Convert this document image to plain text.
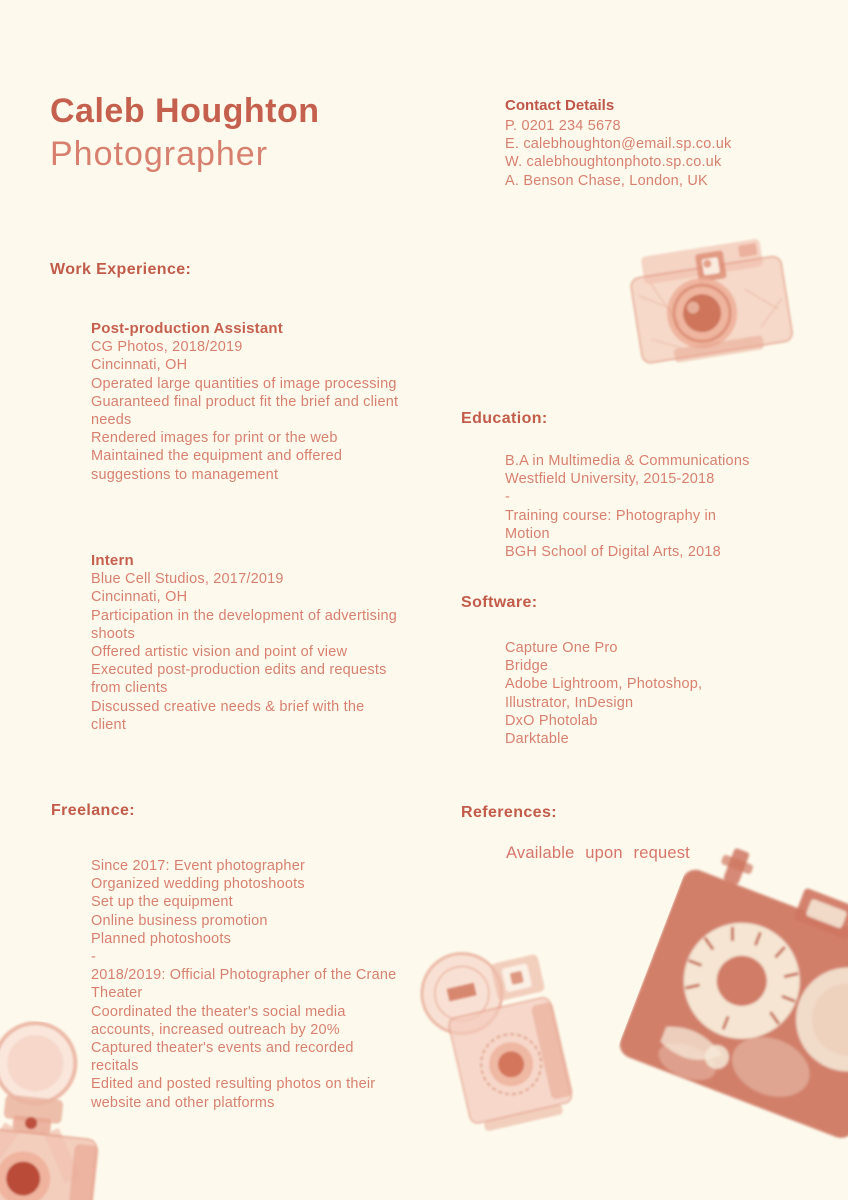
Caleb Houghton
Photographer
Contact Details
P. 0201 234 5678
E. calebhoughton@email.sp.co.uk
W. calebhoughtonphoto.sp.co.uk
A. Benson Chase, London, UK
Work Experience:
Post-production Assistant
CG Photos, 2018/2019
Cincinnati, OH
Operated large quantities of image processing
Guaranteed final product fit the brief and client needs
Rendered images for print or the web
Maintained the equipment and offered suggestions to management
Intern
Blue Cell Studios, 2017/2019
Cincinnati, OH
Participation in the development of advertising shoots
Offered artistic vision and point of view
Executed post-production edits and requests from clients
Discussed creative needs & brief with the client
Education:
B.A in Multimedia & Communications
Westfield University, 2015-2018
-
Training course: Photography in Motion
BGH School of Digital Arts, 2018
Software:
Capture One Pro
Bridge
Adobe Lightroom, Photoshop, Illustrator, InDesign
DxO Photolab
Darktable
Freelance:
Since 2017: Event photographer
Organized wedding photoshoots
Set up the equipment
Online business promotion
Planned photoshoots
-
2018/2019: Official Photographer of the Crane Theater
Coordinated the theater's social media accounts, increased outreach by 20%
Captured theater's events and recorded recitals
Edited and posted resulting photos on their website and other platforms
References:
Available upon request
